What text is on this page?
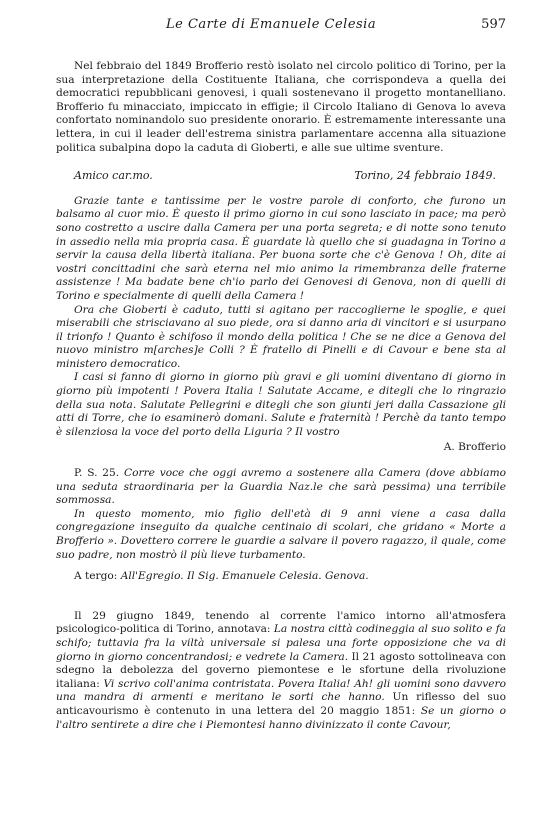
Le Carte di Emanuele Celesia	597

Nel febbraio del 1849 Brofferio restò isolato nel circolo politico di Torino, per la sua interpretazione della Costituente Italiana, che corrispondeva a quella dei democratici repubblicani genovesi, i quali sostenevano il progetto montanelliano. Brofferio fu minacciato, impiccato in effigie; il Circolo Italiano di Genova lo aveva confortato nominandolo suo presidente onorario. È estremamente interessante una lettera, in cui il leader dell'estrema sinistra parlamentare accenna alla situazione politica subalpina dopo la caduta di Gioberti, e alle sue ultime sventure.

Amico car.mo.	Torino, 24 febbraio 1849.

Grazie tante e tantissime per le vostre parole di conforto, che furono un balsamo al cuor mio. È questo il primo giorno in cui sono lasciato in pace; ma però sono costretto a uscire dalla Camera per una porta segreta; e di notte sono tenuto in assedio nella mia propria casa. È guardate là quello che si guadagna in Torino a servir la causa della libertà italiana. Per buona sorte che c'è Genova ! Oh, dite ai vostri concittadini che sarà eterna nel mio animo la rimembranza delle fraterne assistenze ! Ma badate bene ch'io parlo dei Genovesi di Genova, non di quelli di Torino e specialmente di quelli della Camera !

Ora che Gioberti è caduto, tutti si agitano per raccoglierne le spoglie, e quei miserabili che strisciavano al suo piede, ora si danno aria di vincitori e si usurpano il trionfo ! Quanto è schifoso il mondo della politica ! Che se ne dice a Genova del nuovo ministro m[arches]e Colli ? È fratello di Pinelli e di Cavour e bene sta al ministero democratico.

I casi si fanno di giorno in giorno più gravi e gli uomini diventano di giorno in giorno più impotenti ! Povera Italia ! Salutate Accame, e ditegli che lo ringrazio della sua nota. Salutate Pellegrini e ditegli che son giunti jeri dalla Cassazione gli atti di Torre, che io esaminerò domani. Salute e fraternità ! Perchè da tanto tempo è silenziosa la voce del porto della Liguria ? Il vostro

A. Brofferio

P. S. 25. Corre voce che oggi avremo a sostenere alla Camera (dove abbiamo una seduta straordinaria per la Guardia Naz.le che sarà pessima) una terribile sommossa.

In questo momento, mio figlio dell'età di 9 anni viene a casa dalla congregazione inseguito da qualche centinaio di scolari, che gridano « Morte a Brofferio ». Dovettero correre le guardie a salvare il povero ragazzo, il quale, come suo padre, non mostrò il più lieve turbamento.

A tergo: All'Egregio. Il Sig. Emanuele Celesia. Genova.

Il 29 giugno 1849, tenendo al corrente l'amico intorno all'atmosfera psicologico-politica di Torino, annotava: La nostra città codineggia al suo solito e fa schifo; tuttavia fra la viltà universale si palesa una forte opposizione che va di giorno in giorno concentrandosi; e vedrete la Camera. Il 21 agosto sottolineava con sdegno la debolezza del governo piemontese e le sfortune della rivoluzione italiana: Vi scrivo coll'anima contristata. Povera Italia! Ah! gli uomini sono davvero una mandra di armenti e meritano le sorti che hanno. Un riflesso del suo anticavourismo è contenuto in una lettera del 20 maggio 1851: Se un giorno o l'altro sentirete a dire che i Piemontesi hanno divinizzato il conte Cavour,
